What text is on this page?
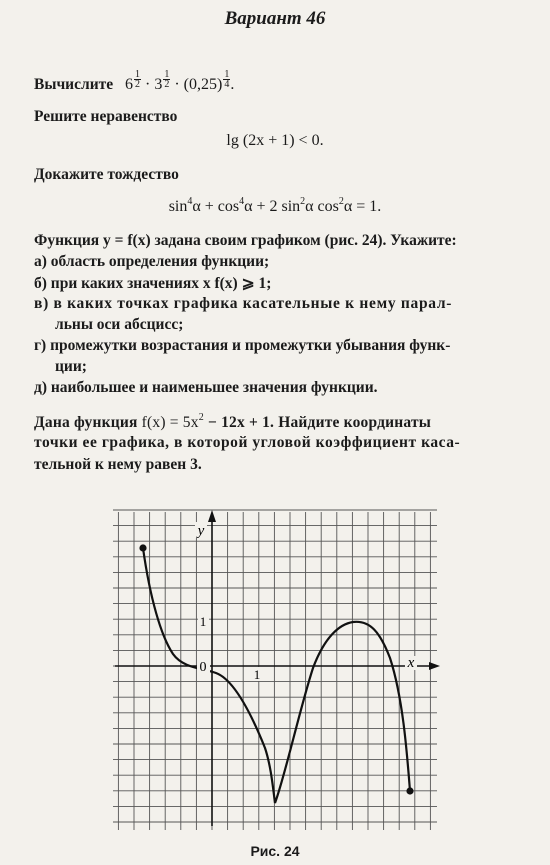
Вариант 46
Вычислите 6 $^{\frac{1}{2}}$ · 3 $^{\frac{1}{2}}$ · (0,25) $^{\frac{1}{4}}$ .
Решите неравенство
lg (2x + 1) < 0.
Докажите тождество
$\sin^4\alpha + \cos^4\alpha + 2$ $\sin^2\alpha$ $\cos^2\alpha = 1$.
Функция y = f(x) задана своим графиком (рис. 24). Укажите:
а) область определения функции;
б) при каких значениях x f(x) ⩾ 1;
в) в каких точках графика касательные к нему парал-
льны оси абсцисс;
г) промежутки возрастания и промежутки убывания функ-
ции;
д) наибольшее и наименьшее значения функции.
Дана функция $f(x) = 5x^2 - 12x + 1$. Найдите координаты
точки ее графика, в которой угловой коэффициент каса-
тельной к нему равен 3.
0	1
1
y
x
Рис. 24
